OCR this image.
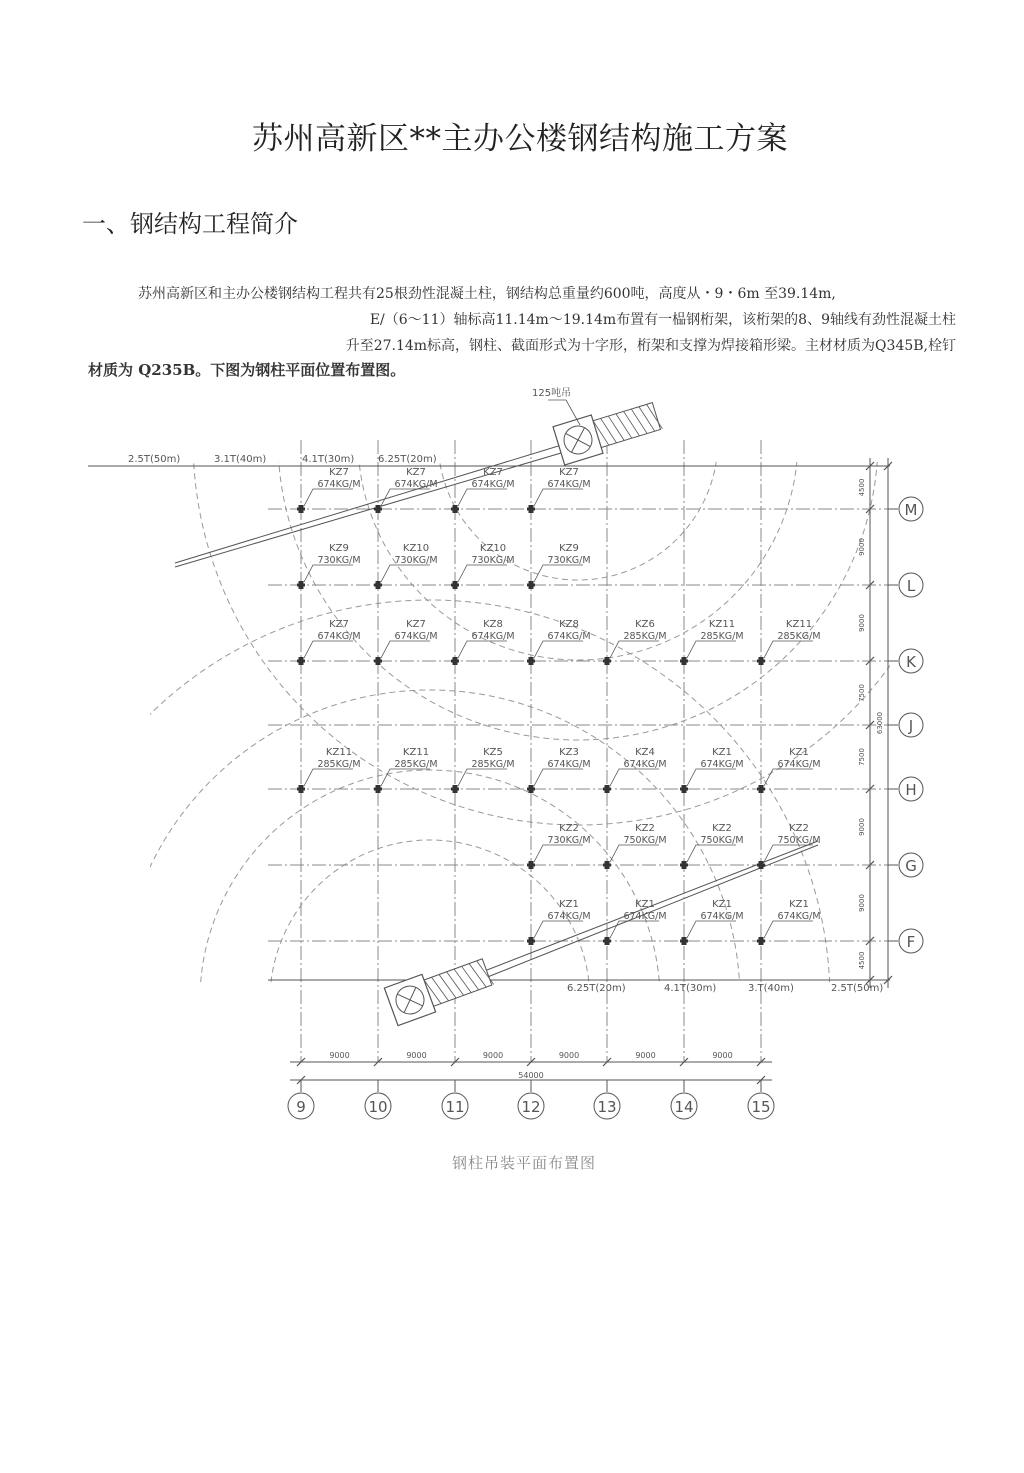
苏州高新区**主办公楼钢结构施工方案
一、钢结构工程简介
苏州高新区和主办公楼钢结构工程共有25根劲性混凝土柱，钢结构总重量约600吨，高度从・9・6m 至39.14m,
E/（6～11）轴标高11.14m～19.14m布置有一榀钢桁架，该桁架的8、9轴线有劲性混凝土柱
升至27.14m标高，钢柱、截面形式为十字形，桁架和支撑为焊接箱形梁。主材材质为Q345B,栓钉
材质为 Q235B。下图为钢柱平面位置布置图。
9000	9000	9000	9000	9000	9000
54000
9	10	11	12	13	14	15
4500
9000
9000
7500
7500
9000
9000
4500
63000
M
L
K
J
H
G
F
KZ7
674KG/M
KZ7
674KG/M
KZ7
674KG/M
KZ7
674KG/M
KZ9
730KG/M
KZ10
730KG/M
KZ10
730KG/M
KZ9
730KG/M
KZ7
674KG/M
KZ7
674KG/M
KZ8
674KG/M
KZ8
674KG/M
KZ6
285KG/M
KZ11
285KG/M
KZ11
285KG/M
KZ11
285KG/M
KZ11
285KG/M
KZ5
285KG/M
KZ3
674KG/M
KZ4
674KG/M
KZ1
674KG/M
KZ1
674KG/M
KZ2
730KG/M
KZ2
750KG/M
KZ2
750KG/M
KZ2
750KG/M
KZ1
674KG/M
KZ1
674KG/M
KZ1
674KG/M
KZ1
674KG/M
125吨吊
2.5T(50m)	3.1T(40m)	4.1T(30m) 6.25T(20m)
6.25T(20m)	4.1T(30m)	3.T(40m)	2.5T(50m)
钢柱吊装平面布置图
